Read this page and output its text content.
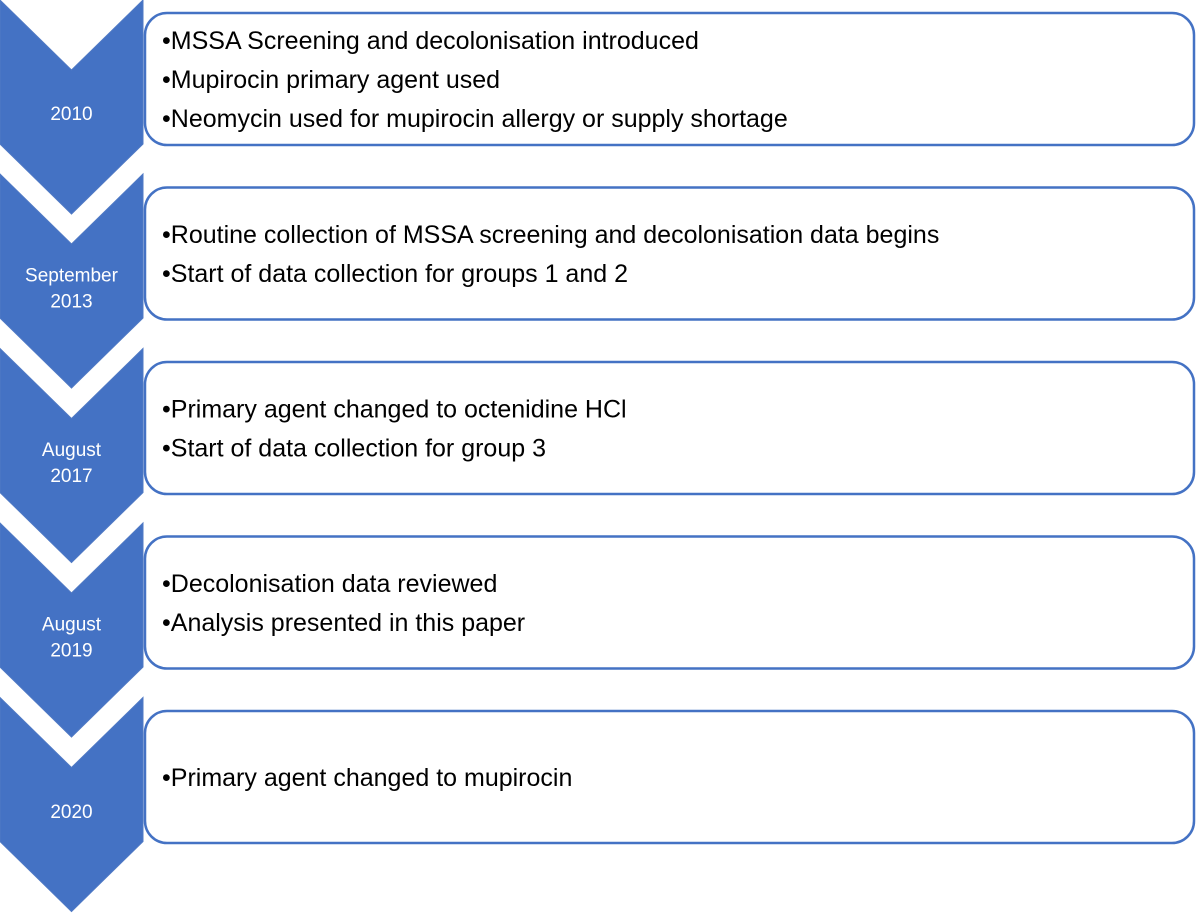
2010
•MSSA Screening and decolonisation introduced
•Mupirocin primary agent used
•Neomycin used for mupirocin allergy or supply shortage
September
2013
•Routine collection of MSSA screening and decolonisation data begins
•Start of data collection for groups 1 and 2
August
2017
•Primary agent changed to octenidine HCl
•Start of data collection for group 3
August
2019
•Decolonisation data reviewed
•Analysis presented in this paper
2020
•Primary agent changed to mupirocin
